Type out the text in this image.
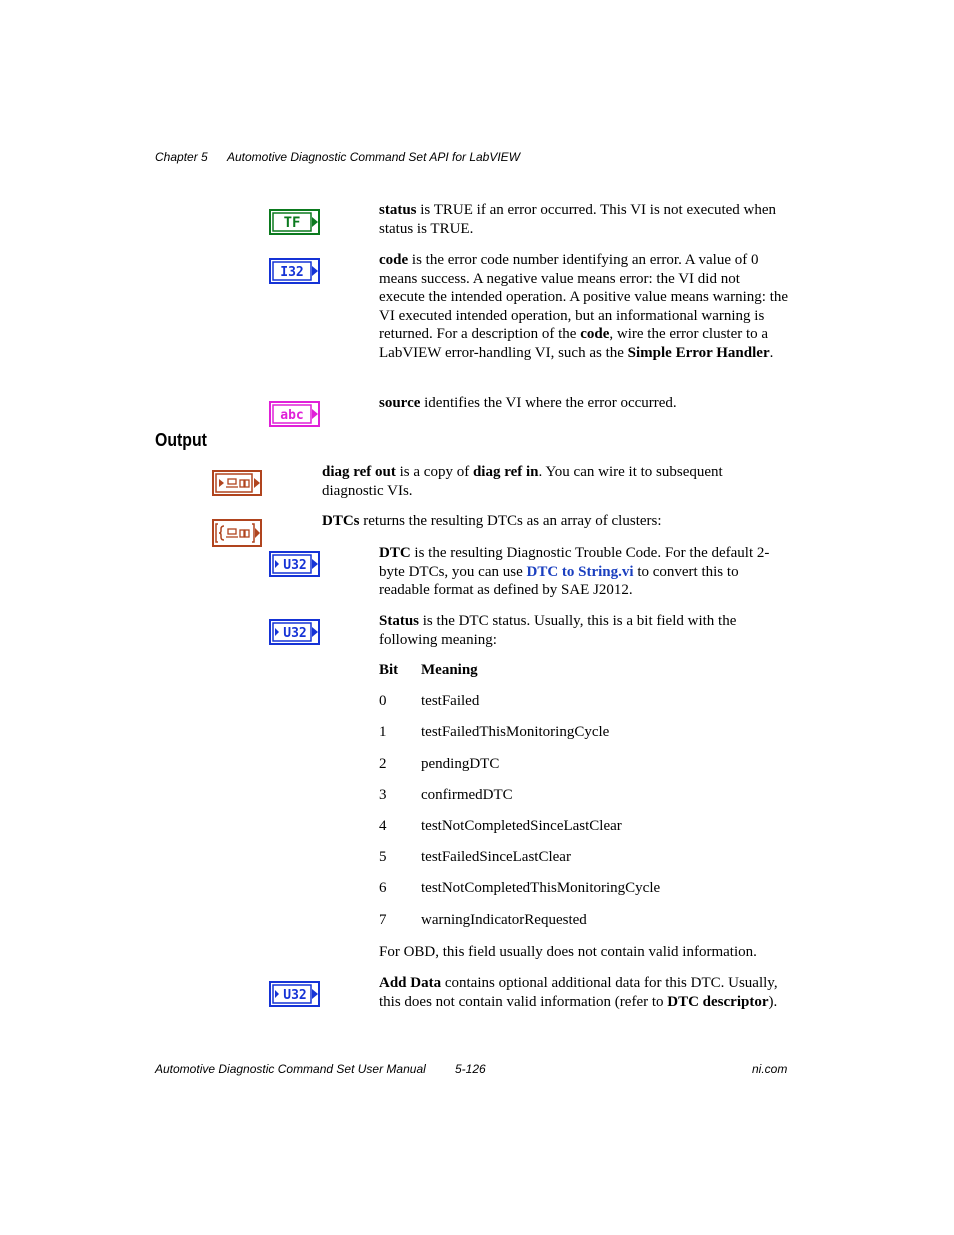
Chapter 5 Automotive Diagnostic Command Set API for LabVIEW
TF
status is TRUE if an error occurred. This VI is not executed when status is TRUE.
I32
code is the error code number identifying an error. A value of 0 means success. A negative value means error: the VI did not execute the intended operation. A positive value means warning: the VI executed intended operation, but an informational warning is returned. For a description of the code, wire the error cluster to a LabVIEW error-handling VI, such as the Simple Error Handler.
abc
source identifies the VI where the error occurred.
Output
diag ref out is a copy of diag ref in. You can wire it to subsequent diagnostic VIs.
DTCs returns the resulting DTCs as an array of clusters:
U32
DTC is the resulting Diagnostic Trouble Code. For the default 2-byte DTCs, you can use DTC to String.vi to convert this to readable format as defined by SAE J2012.
U32
Status is the DTC status. Usually, this is a bit field with the following meaning:
Bit Meaning
0 testFailed
1 testFailedThisMonitoringCycle
2 pendingDTC
3 confirmedDTC
4 testNotCompletedSinceLastClear
5 testFailedSinceLastClear
6 testNotCompletedThisMonitoringCycle
7 warningIndicatorRequested
For OBD, this field usually does not contain valid information.
U32
Add Data contains optional additional data for this DTC. Usually, this does not contain valid information (refer to DTC descriptor).
Automotive Diagnostic Command Set User Manual 5-126	ni.com
